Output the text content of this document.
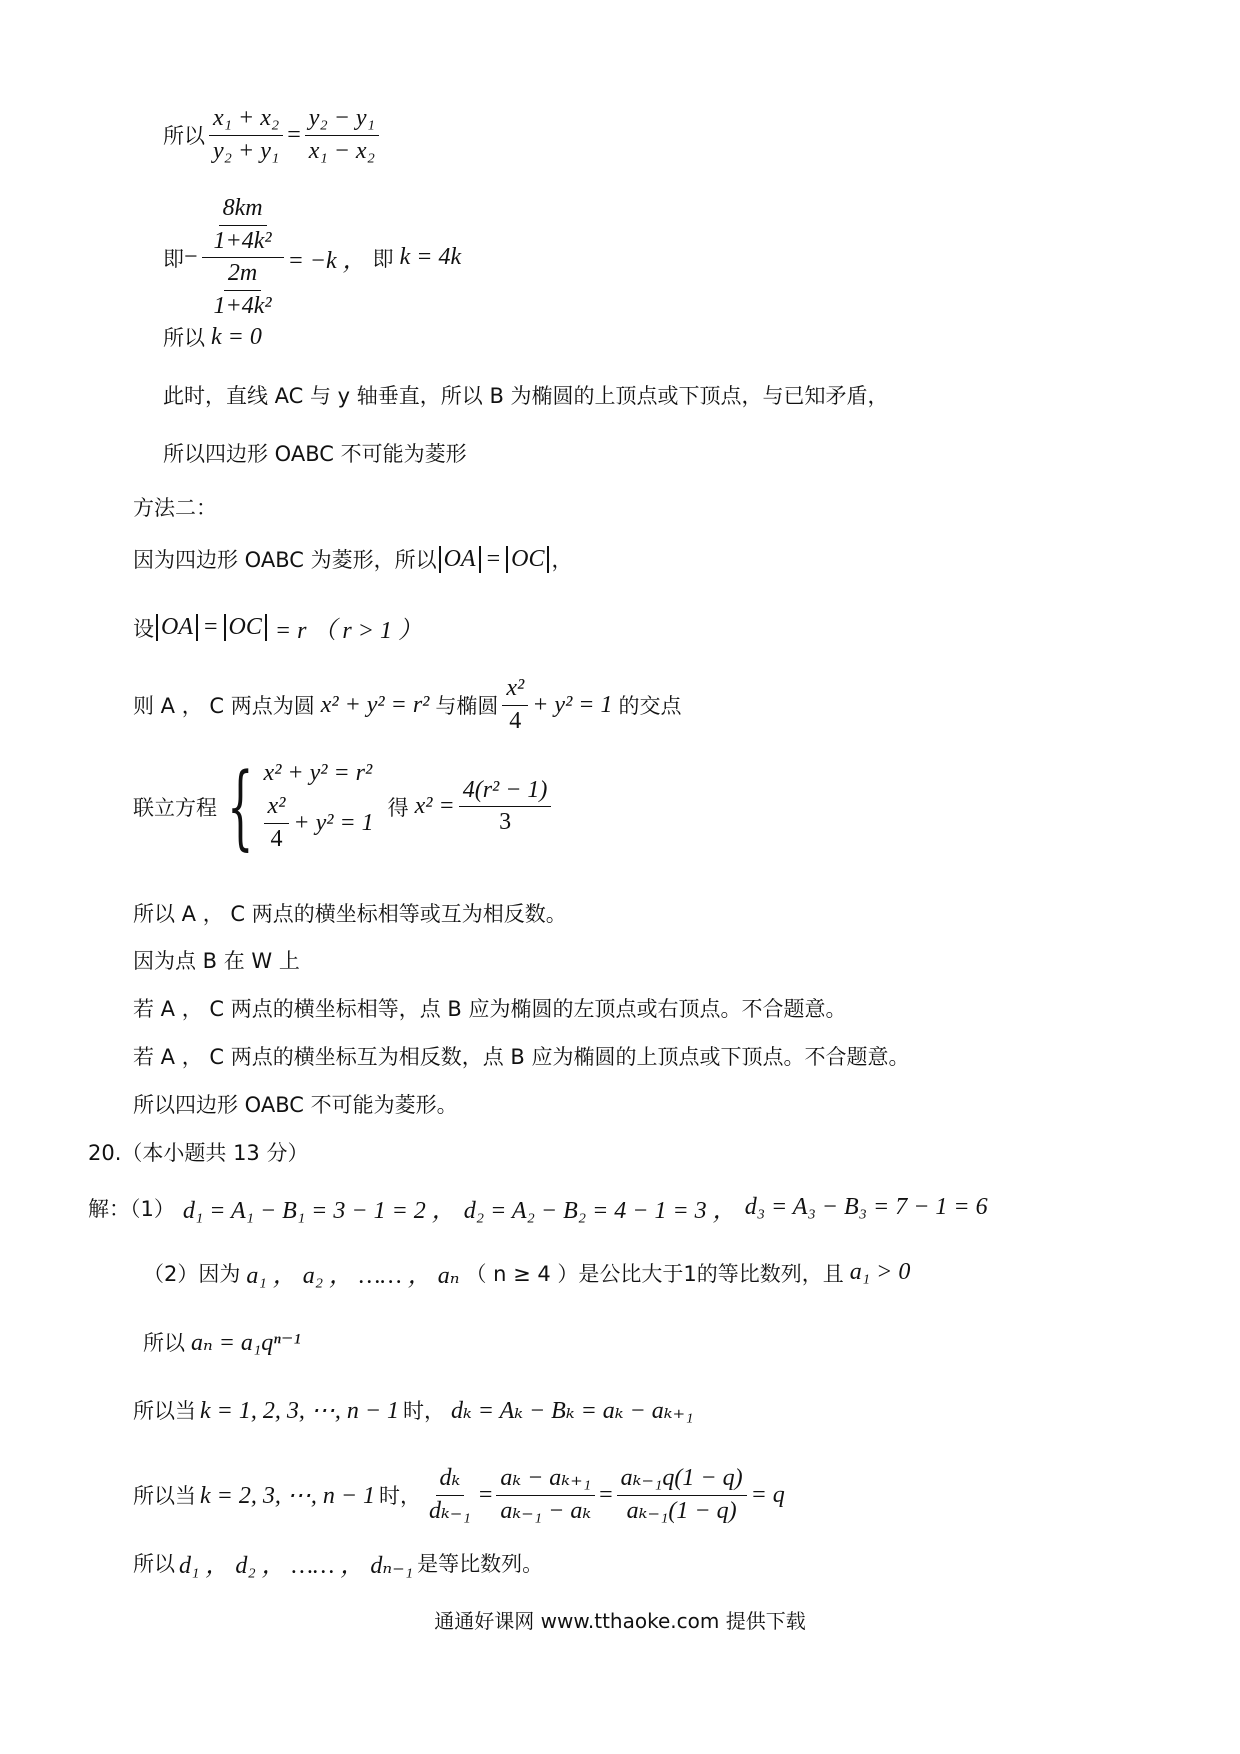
所以 $\frac{\text{x₁ + x₂}}{\text{y₂ + y₁}} = \frac{\text{y₂ − y₁}}{\text{x₁ − x₂}}$
即 − $\frac{\frac{8km}{\text{1+4k²}}}{\frac{2m}{\text{1+4k²}}} = -k$ ， 即 k = 4k
所以 k = 0
此时，直线 AC 与 y 轴垂直，所以 B 为椭圆的上顶点或下顶点，与已知矛盾，
所以四边形 OABC 不可能为菱形
方法二：
因为四边形 OABC 为菱形，所以 OA = OC ，
设 OA = OC = r （ r > 1 ）
则 A ， C 两点为圆 x² + y² = r² 与椭圆 $\frac{\text{x²}}{4} + y^2 = 1$ 的交点
联立方程 { x² + y² = r²
$\frac{\text{x²}}{4} + y^2 = 1$
得 $x^2 = \frac{\text{4(r² − 1)}}{3}$
所以 A ， C 两点的横坐标相等或互为相反数。
因为点 B 在 W 上
若 A ， C 两点的横坐标相等，点 B 应为椭圆的左顶点或右顶点。不合题意。
若 A ， C 两点的横坐标互为相反数，点 B 应为椭圆的上顶点或下顶点。不合题意。
所以四边形 OABC 不可能为菱形。
20.（本小题共 13 分）
解：（1） d₁ = A₁ − B₁ = 3 − 1 = 2 ， d₂ = A₂ − B₂ = 4 − 1 = 3 ， d₃ = A₃ − B₃ = 7 − 1 = 6
（2）因为 a₁ ， a₂ ， …… ， aₙ （ n ≥ 4 ）是公比大于1的等比数列，且 a₁ > 0
所以 aₙ = a₁qⁿ⁻¹
所以当 k = 1, 2, 3, ⋯, n − 1 时， dₖ = Aₖ − Bₖ = aₖ − aₖ₊₁
所以当 k = 2, 3, ⋯, n − 1 时， $\frac{\text{dₖ}}{\text{dₖ₋₁}} = \frac{\text{aₖ − aₖ₊₁}}{\text{aₖ₋₁ − aₖ}} = \frac{\text{aₖ₋₁q(1 − q)}}{\text{aₖ₋₁(1 − q)}} = q$
所以 d₁ ， d₂ ， …… ， dₙ₋₁ 是等比数列。
通通好课网 www.tthaoke.com 提供下载
